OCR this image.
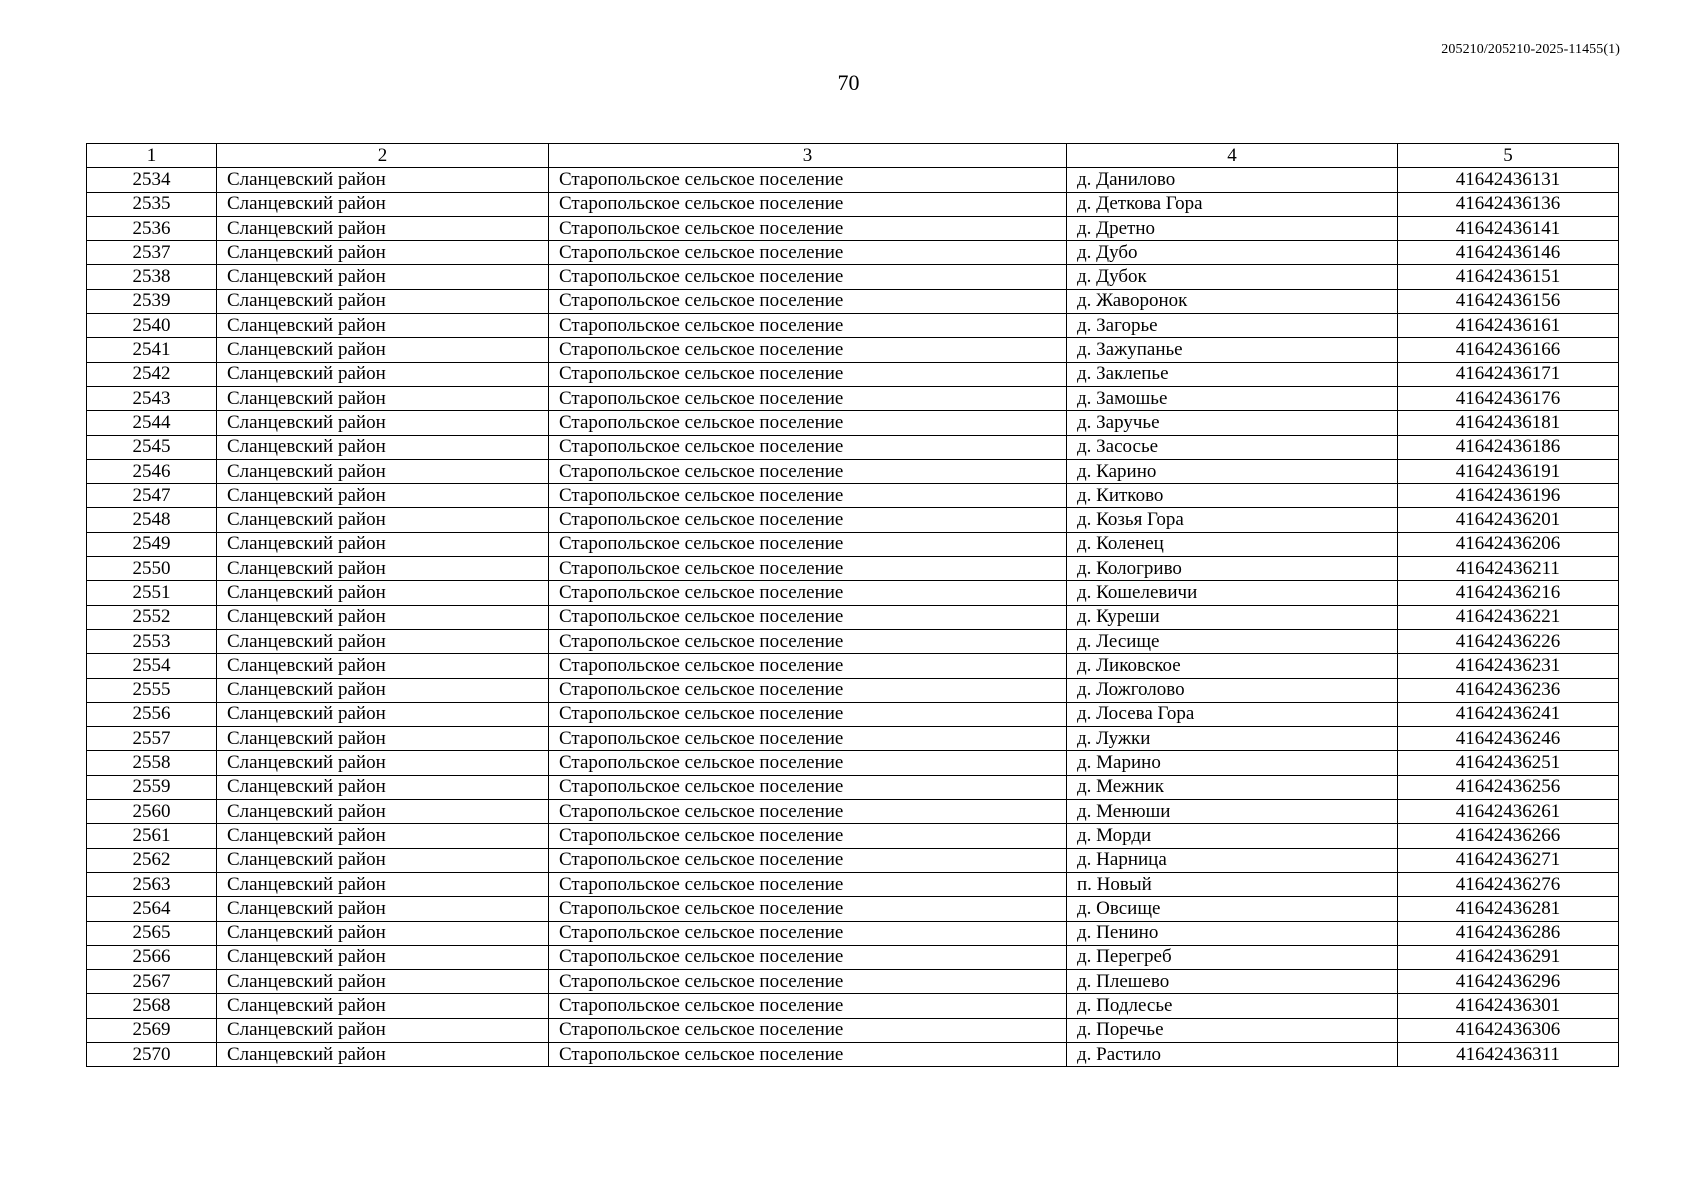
205210/205210-2025-11455(1)
70
1	2	3	4	5
2534	Сланцевский район	Старопольское сельское поселение	д. Данилово	41642436131
2535	Сланцевский район	Старопольское сельское поселение	д. Деткова Гора	41642436136
2536	Сланцевский район	Старопольское сельское поселение	д. Дретно	41642436141
2537	Сланцевский район	Старопольское сельское поселение	д. Дубо	41642436146
2538	Сланцевский район	Старопольское сельское поселение	д. Дубок	41642436151
2539	Сланцевский район	Старопольское сельское поселение	д. Жаворонок	41642436156
2540	Сланцевский район	Старопольское сельское поселение	д. Загорье	41642436161
2541	Сланцевский район	Старопольское сельское поселение	д. Зажупанье	41642436166
2542	Сланцевский район	Старопольское сельское поселение	д. Заклепье	41642436171
2543	Сланцевский район	Старопольское сельское поселение	д. Замошье	41642436176
2544	Сланцевский район	Старопольское сельское поселение	д. Заручье	41642436181
2545	Сланцевский район	Старопольское сельское поселение	д. Засосье	41642436186
2546	Сланцевский район	Старопольское сельское поселение	д. Карино	41642436191
2547	Сланцевский район	Старопольское сельское поселение	д. Китково	41642436196
2548	Сланцевский район	Старопольское сельское поселение	д. Козья Гора	41642436201
2549	Сланцевский район	Старопольское сельское поселение	д. Коленец	41642436206
2550	Сланцевский район	Старопольское сельское поселение	д. Кологриво	41642436211
2551	Сланцевский район	Старопольское сельское поселение	д. Кошелевичи	41642436216
2552	Сланцевский район	Старопольское сельское поселение	д. Куреши	41642436221
2553	Сланцевский район	Старопольское сельское поселение	д. Лесище	41642436226
2554	Сланцевский район	Старопольское сельское поселение	д. Ликовское	41642436231
2555	Сланцевский район	Старопольское сельское поселение	д. Ложголово	41642436236
2556	Сланцевский район	Старопольское сельское поселение	д. Лосева Гора	41642436241
2557	Сланцевский район	Старопольское сельское поселение	д. Лужки	41642436246
2558	Сланцевский район	Старопольское сельское поселение	д. Марино	41642436251
2559	Сланцевский район	Старопольское сельское поселение	д. Межник	41642436256
2560	Сланцевский район	Старопольское сельское поселение	д. Менюши	41642436261
2561	Сланцевский район	Старопольское сельское поселение	д. Морди	41642436266
2562	Сланцевский район	Старопольское сельское поселение	д. Нарница	41642436271
2563	Сланцевский район	Старопольское сельское поселение	п. Новый	41642436276
2564	Сланцевский район	Старопольское сельское поселение	д. Овсище	41642436281
2565	Сланцевский район	Старопольское сельское поселение	д. Пенино	41642436286
2566	Сланцевский район	Старопольское сельское поселение	д. Перегреб	41642436291
2567	Сланцевский район	Старопольское сельское поселение	д. Плешево	41642436296
2568	Сланцевский район	Старопольское сельское поселение	д. Подлесье	41642436301
2569	Сланцевский район	Старопольское сельское поселение	д. Поречье	41642436306
2570	Сланцевский район	Старопольское сельское поселение	д. Растило	41642436311
